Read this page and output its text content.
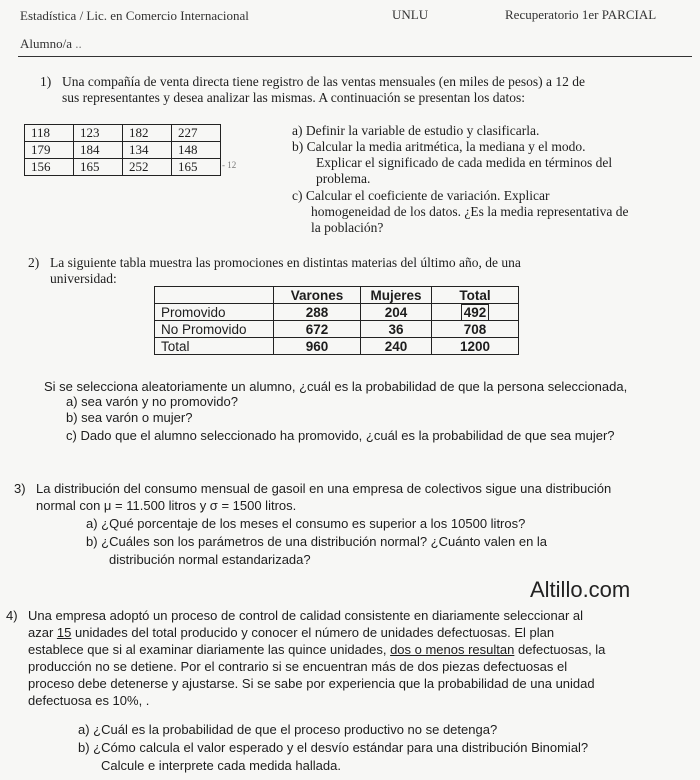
Estadística / Lic. en Comercio Internacional	UNLU	Recuperatorio 1er PARCIAL
Alumno/a ..
1) Una compañía de venta directa tiene registro de las ventas mensuales (en miles de pesos) a 12 de
sus representantes y desea analizar las mismas. A continuación se presentan los datos:
118	123	182	227
179	184	134	148
156	165	252	165	- 12
a) Definir la variable de estudio y clasificarla.
b) Calcular la media aritmética, la mediana y el modo.
Explicar el significado de cada medida en términos del
problema.
c) Calcular el coeficiente de variación. Explicar
homogeneidad de los datos. ¿Es la media representativa de
la población?
2) La siguiente tabla muestra las promociones en distintas materias del último año, de una
universidad:
	Varones	Mujeres	Total
Promovido	288	204	492
No Promovido	672	36	708
Total	960	240	1200
Si se selecciona aleatoriamente un alumno, ¿cuál es la probabilidad de que la persona seleccionada,
a) sea varón y no promovido?
b) sea varón o mujer?
c) Dado que el alumno seleccionado ha promovido, ¿cuál es la probabilidad de que sea mujer?
3) La distribución del consumo mensual de gasoil en una empresa de colectivos sigue una distribución
normal con μ = 11.500 litros y σ = 1500 litros.
a) ¿Qué porcentaje de los meses el consumo es superior a los 10500 litros?
b) ¿Cuáles son los parámetros de una distribución normal? ¿Cuánto valen en la
distribución normal estandarizada?
Altillo.com
4) Una empresa adoptó un proceso de control de calidad consistente en diariamente seleccionar al
azar 15 unidades del total producido y conocer el número de unidades defectuosas. El plan
establece que si al examinar diariamente las quince unidades, dos o menos resultan defectuosas, la
producción no se detiene. Por el contrario si se encuentran más de dos piezas defectuosas el
proceso debe detenerse y ajustarse. Si se sabe por experiencia que la probabilidad de una unidad
defectuosa es 10%, .
a) ¿Cuál es la probabilidad de que el proceso productivo no se detenga?
b) ¿Cómo calcula el valor esperado y el desvío estándar para una distribución Binomial?
Calcule e interprete cada medida hallada.
